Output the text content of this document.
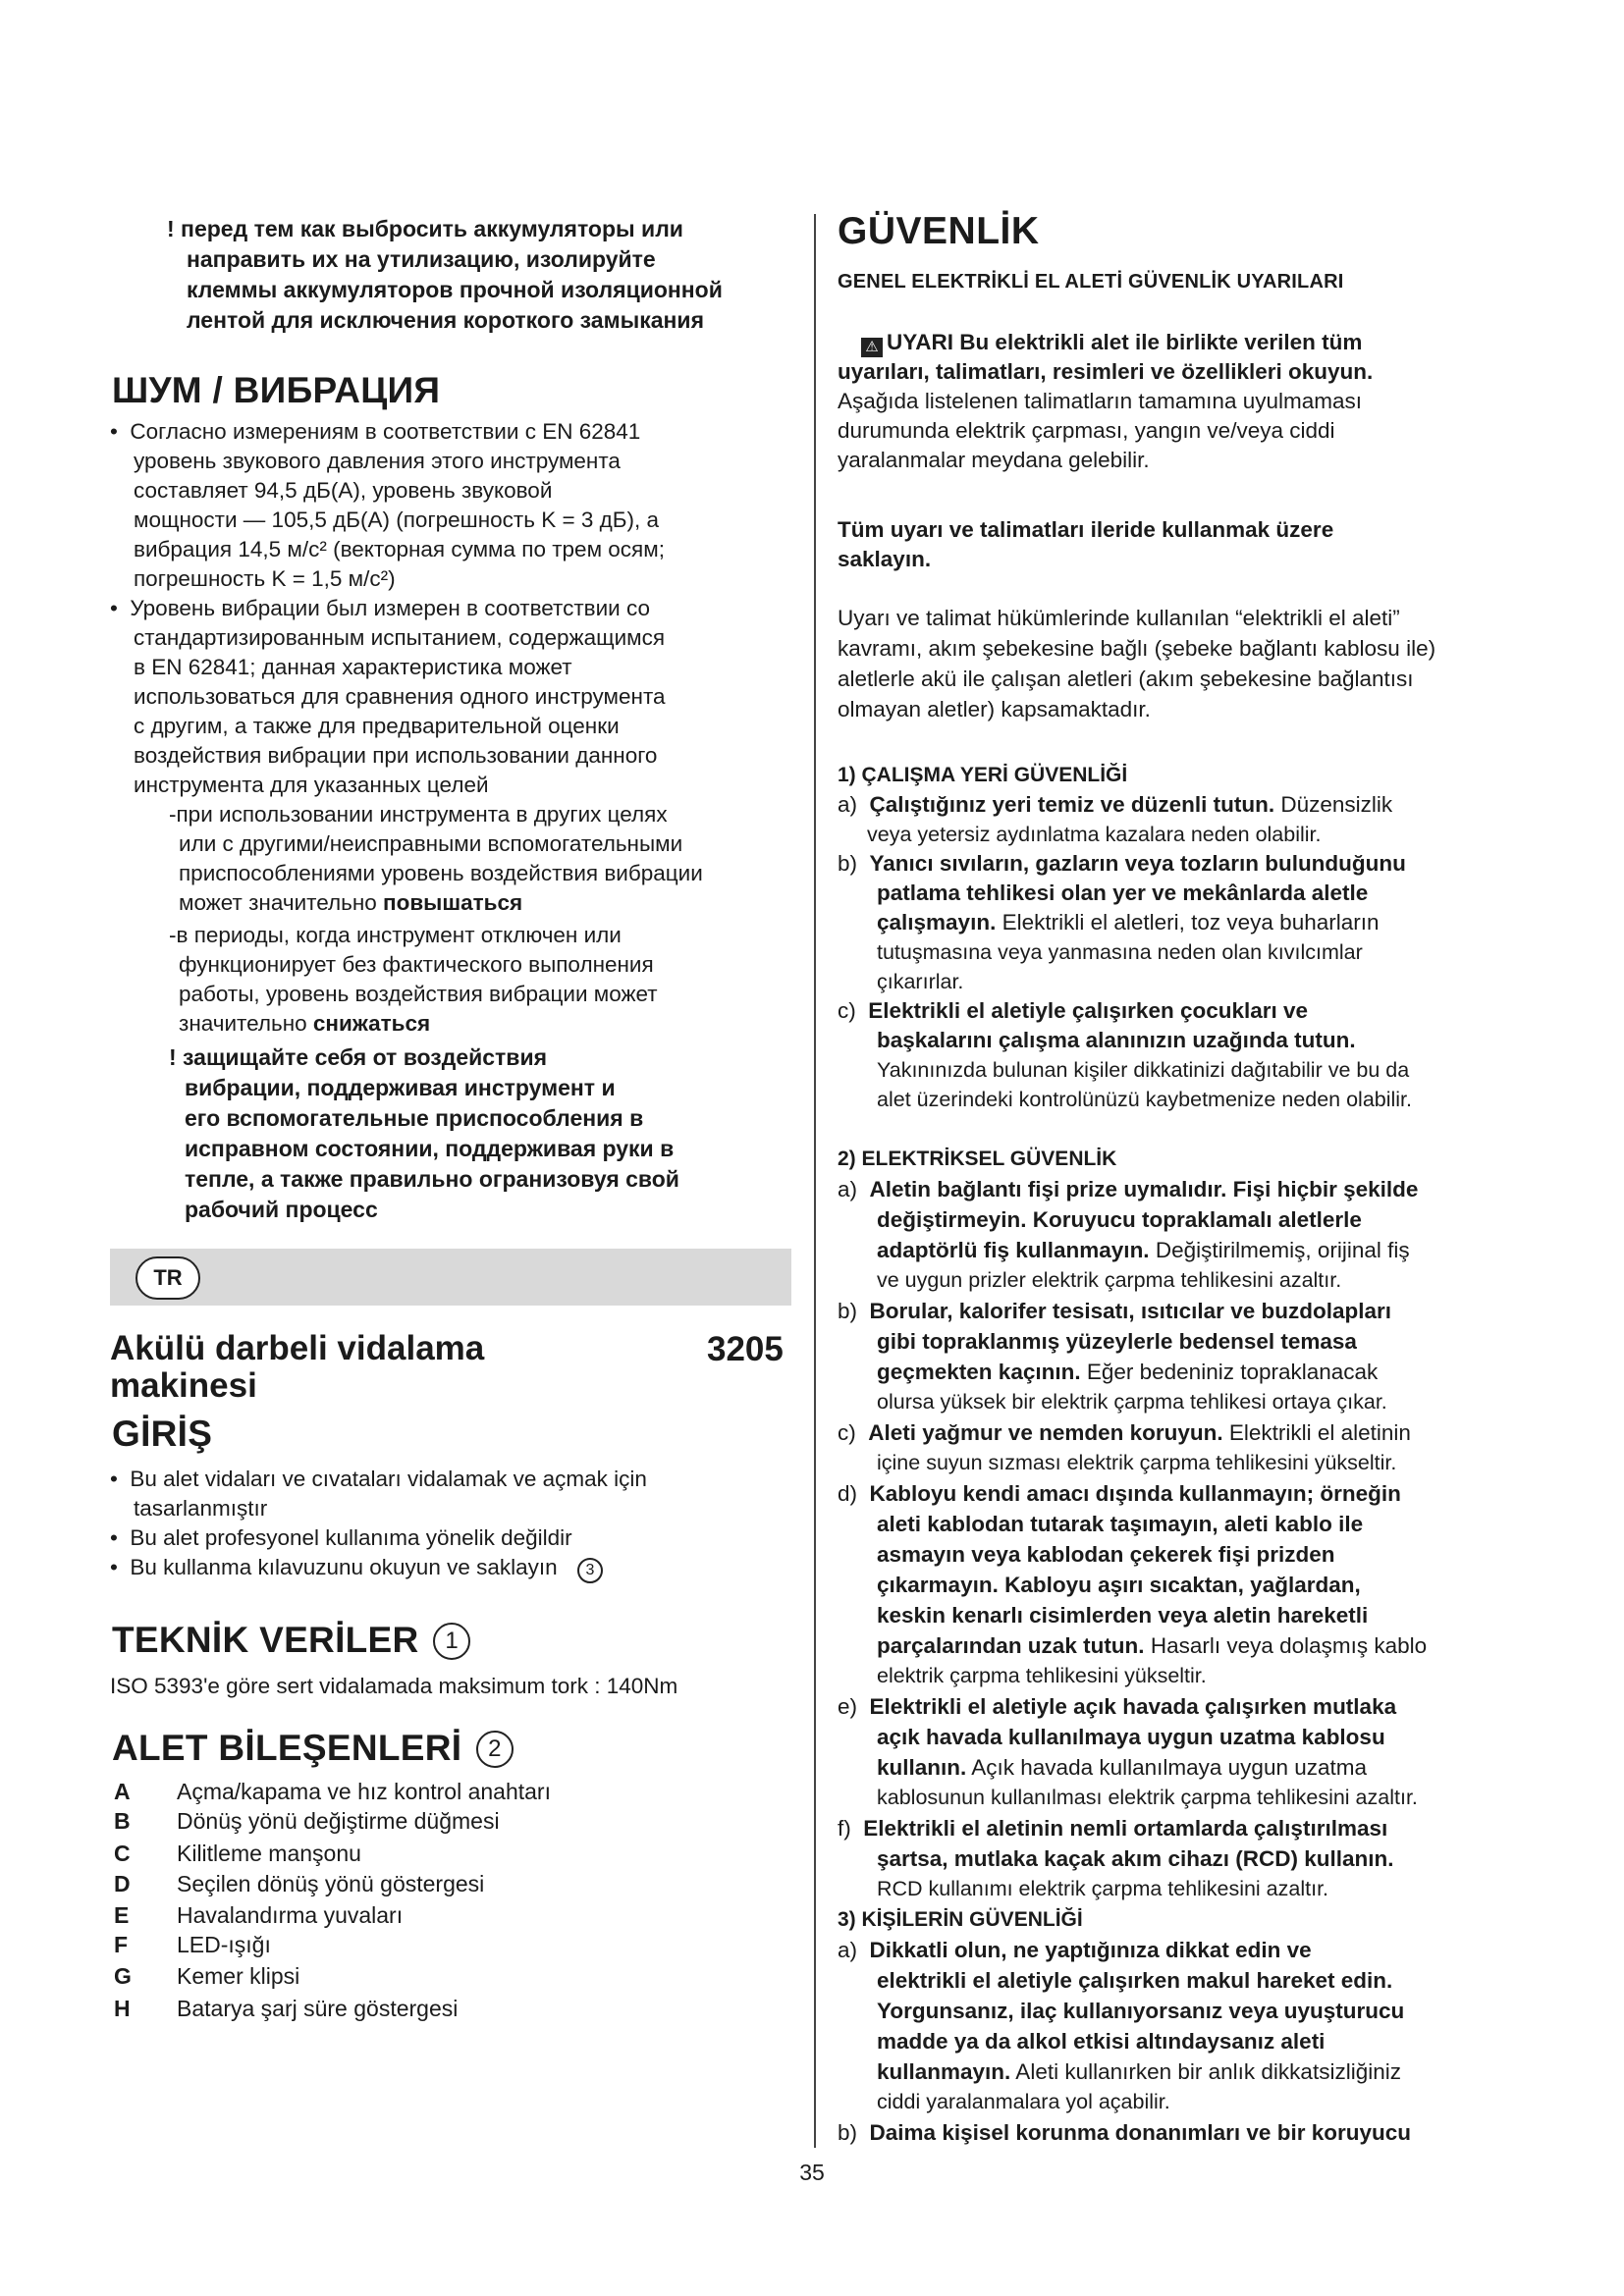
! перед тем как выбросить аккумуляторы или
направить их на утилизацию, изолируйте
клеммы аккумуляторов прочной изоляционной
лентой для исключения короткого замыкания
ШУМ / ВИБРАЦИЯ
•  Согласно измерениям в соответствии с EN 62841
уровень звукового давления этого инструмента
составляет 94,5 дБ(A), уровень звуковой
мощности — 105,5 дБ(A) (погрешность K = 3 дБ), а
вибрация 14,5 м/с² (векторная сумма по трем осям;
погрешность K = 1,5 м/с²)
•  Уровень вибрации был измерен в соответствии со
стандартизированным испытанием, содержащимся
в EN 62841; данная характеристика может
использоваться для сравнения одного инструмента
с другим, а также для предварительной оценки
воздействия вибрации при использовании данного
инструмента для указанных целей
-при использовании инструмента в других целях
или с другими/неисправными вспомогательными
приспособлениями уровень воздействия вибрации
может значительно повышаться
-в периоды, когда инструмент отключен или
функционирует без фактического выполнения
работы, уровень воздействия вибрации может
значительно снижаться
! защищайте себя от воздействия
вибрации, поддерживая инструмент и
его вспомогательные приспособления в
исправном состоянии, поддерживая руки в
тепле, а также правильно огранизовуя свой
рабочий процесс
TR
Akülü darbeli vidalama
makinesi
3205
GİRİŞ
•  Bu alet vidaları ve cıvataları vidalamak ve açmak için
tasarlanmıştır
•  Bu alet profesyonel kullanıma yönelik değildir
•  Bu kullanma kılavuzunu okuyun ve saklayın 3
TEKNİK VERİLER 1
ISO 5393'e göre sert vidalamada maksimum tork : 140Nm
ALET BİLEŞENLERİ 2
A Açma/kapama ve hız kontrol anahtarı
B Dönüş yönü değiştirme düğmesi
C Kilitleme manşonu
D Seçilen dönüş yönü göstergesi
E Havalandırma yuvaları
F LED-ışığı
G Kemer klipsi
H Batarya şarj süre göstergesi
GÜVENLİK
GENEL ELEKTRİKLİ EL ALETİ GÜVENLİK UYARILARI
⚠ UYARI Bu elektrikli alet ile birlikte verilen tüm
uyarıları, talimatları, resimleri ve özellikleri okuyun.
Aşağıda listelenen talimatların tamamına uyulmaması
durumunda elektrik çarpması, yangın ve/veya ciddi
yaralanmalar meydana gelebilir.
Tüm uyarı ve talimatları ileride kullanmak üzere
saklayın.
Uyarı ve talimat hükümlerinde kullanılan “elektrikli el aleti”
kavramı, akım şebekesine bağlı (şebeke bağlantı kablosu ile)
aletlerle akü ile çalışan aletleri (akım şebekesine bağlantısı
olmayan aletler) kapsamaktadır.
1) ÇALIŞMA YERİ GÜVENLİĞİ
a) Çalıştığınız yeri temiz ve düzenli tutun. Düzensizlik
veya yetersiz aydınlatma kazalara neden olabilir.
b) Yanıcı sıvıların, gazların veya tozların bulunduğunu
patlama tehlikesi olan yer ve mekânlarda aletle
çalışmayın. Elektrikli el aletleri, toz veya buharların
tutuşmasına veya yanmasına neden olan kıvılcımlar
çıkarırlar.
c) Elektrikli el aletiyle çalışırken çocukları ve
başkalarını çalışma alanınızın uzağında tutun.
Yakınınızda bulunan kişiler dikkatinizi dağıtabilir ve bu da
alet üzerindeki kontrolünüzü kaybetmenize neden olabilir.
2) ELEKTRİKSEL GÜVENLİK
a) Aletin bağlantı fişi prize uymalıdır. Fişi hiçbir şekilde
değiştirmeyin. Koruyucu topraklamalı aletlerle
adaptörlü fiş kullanmayın. Değiştirilmemiş, orijinal fiş
ve uygun prizler elektrik çarpma tehlikesini azaltır.
b) Borular, kalorifer tesisatı, ısıtıcılar ve buzdolapları
gibi topraklanmış yüzeylerle bedensel temasa
geçmekten kaçının. Eğer bedeniniz topraklanacak
olursa yüksek bir elektrik çarpma tehlikesi ortaya çıkar.
c) Aleti yağmur ve nemden koruyun. Elektrikli el aletinin
içine suyun sızması elektrik çarpma tehlikesini yükseltir.
d) Kabloyu kendi amacı dışında kullanmayın; örneğin
aleti kablodan tutarak taşımayın, aleti kablo ile
asmayın veya kablodan çekerek fişi prizden
çıkarmayın. Kabloyu aşırı sıcaktan, yağlardan,
keskin kenarlı cisimlerden veya aletin hareketli
parçalarından uzak tutun. Hasarlı veya dolaşmış kablo
elektrik çarpma tehlikesini yükseltir.
e) Elektrikli el aletiyle açık havada çalışırken mutlaka
açık havada kullanılmaya uygun uzatma kablosu
kullanın. Açık havada kullanılmaya uygun uzatma
kablosunun kullanılması elektrik çarpma tehlikesini azaltır.
f) Elektrikli el aletinin nemli ortamlarda çalıştırılması
şartsa, mutlaka kaçak akım cihazı (RCD) kullanın.
RCD kullanımı elektrik çarpma tehlikesini azaltır.
3) KİŞİLERİN GÜVENLİĞİ
a) Dikkatli olun, ne yaptığınıza dikkat edin ve
elektrikli el aletiyle çalışırken makul hareket edin.
Yorgunsanız, ilaç kullanıyorsanız veya uyuşturucu
madde ya da alkol etkisi altındaysanız aleti
kullanmayın. Aleti kullanırken bir anlık dikkatsizliğiniz
ciddi yaralanmalara yol açabilir.
b) Daima kişisel korunma donanımları ve bir koruyucu
35
